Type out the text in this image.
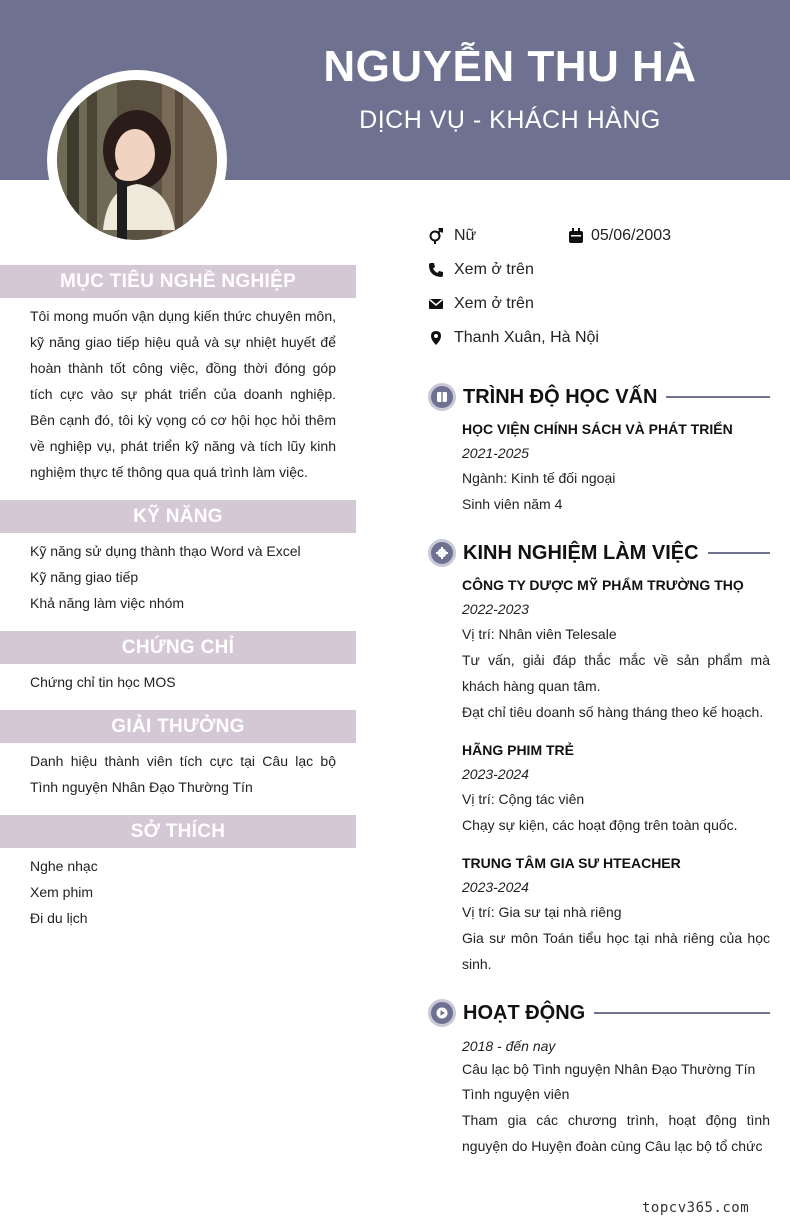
NGUYỄN THU HÀ
DỊCH VỤ - KHÁCH HÀNG
MỤC TIÊU NGHỀ NGHIỆP
Tôi mong muốn vận dụng kiến thức chuyên môn, kỹ năng giao tiếp hiệu quả và sự nhiệt huyết để hoàn thành tốt công việc, đồng thời đóng góp tích cực vào sự phát triển của doanh nghiệp. Bên cạnh đó, tôi kỳ vọng có cơ hội học hỏi thêm về nghiệp vụ, phát triển kỹ năng và tích lũy kinh nghiệm thực tế thông qua quá trình làm việc.
KỸ NĂNG
Kỹ năng sử dụng thành thạo Word và Excel
Kỹ năng giao tiếp
Khả năng làm việc nhóm
CHỨNG CHỈ
Chứng chỉ tin học MOS
GIẢI THƯỞNG
Danh hiệu thành viên tích cực tại Câu lạc bộ Tình nguyện Nhân Đạo Thường Tín
SỞ THÍCH
Nghe nhạc
Xem phim
Đi du lịch
Nữ	05/06/2003
Xem ở trên
Xem ở trên
Thanh Xuân, Hà Nội
TRÌNH ĐỘ HỌC VẤN
HỌC VIỆN CHÍNH SÁCH VÀ PHÁT TRIỂN
2021-2025
Ngành: Kinh tế đối ngoại
Sinh viên năm 4
KINH NGHIỆM LÀM VIỆC
CÔNG TY DƯỢC MỸ PHẨM TRƯỜNG THỌ
2022-2023
Vị trí: Nhân viên Telesale
Tư vấn, giải đáp thắc mắc về sản phẩm mà khách hàng quan tâm.
Đạt chỉ tiêu doanh số hàng tháng theo kế hoạch.
HÃNG PHIM TRẺ
2023-2024
Vị trí: Cộng tác viên
Chạy sự kiện, các hoạt động trên toàn quốc.
TRUNG TÂM GIA SƯ HTEACHER
2023-2024
Vị trí: Gia sư tại nhà riêng
Gia sư môn Toán tiểu học tại nhà riêng của học sinh.
HOẠT ĐỘNG
2018 - đến nay
Câu lạc bộ Tình nguyện Nhân Đạo Thường Tín
Tình nguyện viên
Tham gia các chương trình, hoạt động tình nguyện do Huyện đoàn cùng Câu lạc bộ tổ chức
topcv365.com
